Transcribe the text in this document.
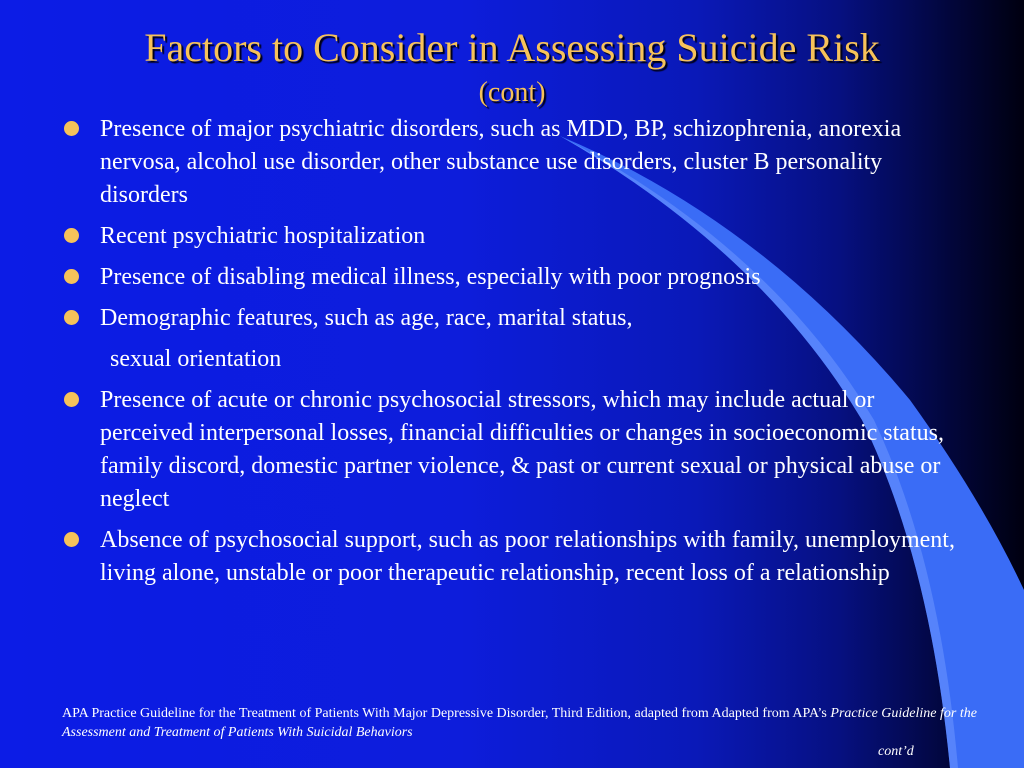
Factors to Consider in Assessing Suicide Risk
(cont)
Presence of major psychiatric disorders, such as MDD, BP, schizophrenia, anorexia nervosa, alcohol use disorder, other substance use disorders, cluster B personality disorders
Recent psychiatric hospitalization
Presence of disabling medical illness, especially with poor prognosis
Demographic features, such as age, race, marital status,
sexual orientation
Presence of acute or chronic psychosocial stressors, which may include actual or perceived interpersonal losses, financial difficulties or changes in socioeconomic status, family discord, domestic partner violence, & past or current sexual or physical abuse or neglect
Absence of psychosocial support, such as poor relationships with family, unemployment, living alone, unstable or poor therapeutic relationship, recent loss of a relationship
APA Practice Guideline for the Treatment of Patients With Major Depressive Disorder, Third Edition, adapted from Adapted from APA’s Practice Guideline for the Assessment and Treatment of Patients With Suicidal Behaviors
cont’d
